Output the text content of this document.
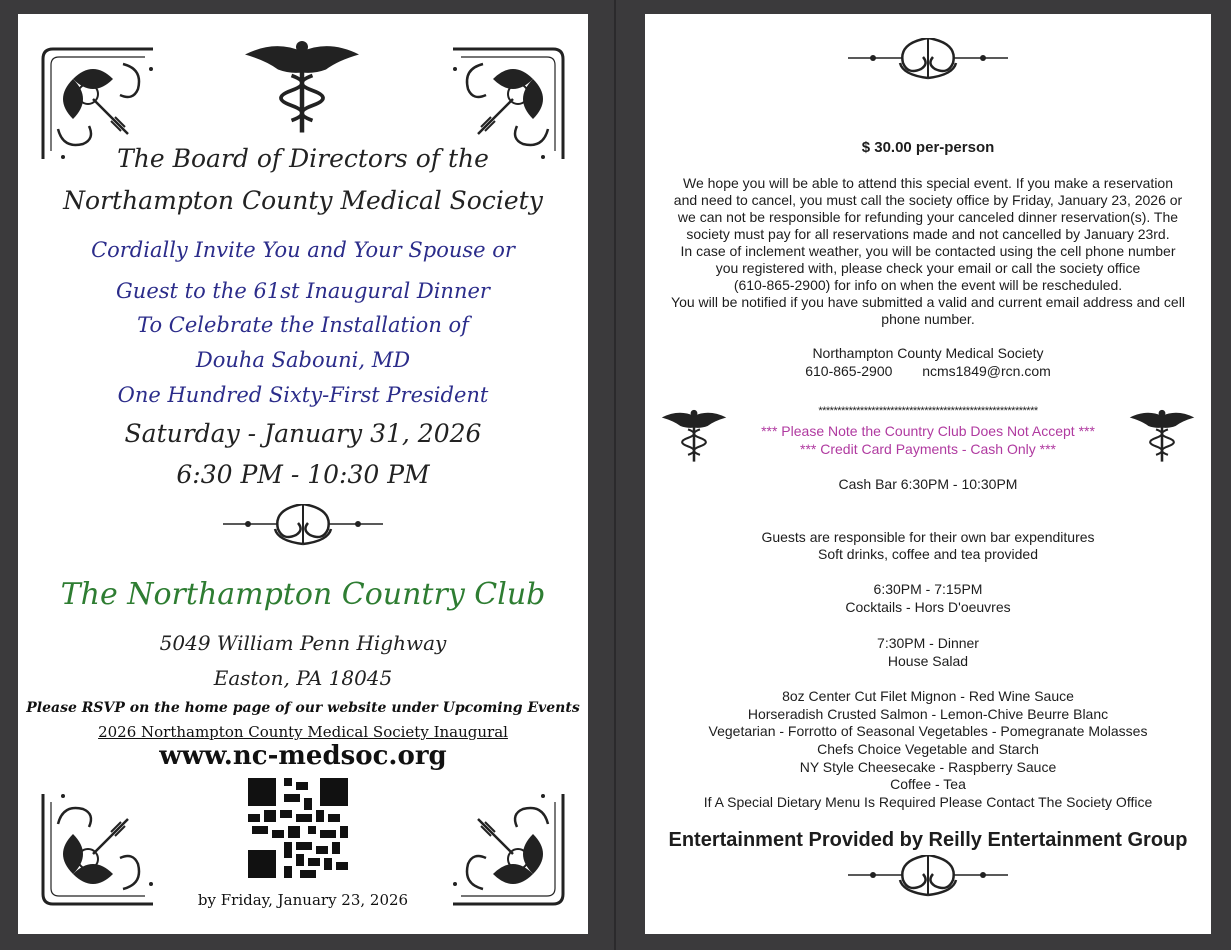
The Board of Directors of the
Northampton County Medical Society
Cordially Invite You and Your Spouse or
Guest to the 61st Inaugural Dinner
To Celebrate the Installation of
Douha Sabouni, MD
One Hundred Sixty-First President
Saturday - January 31, 2026
6:30 PM - 10:30 PM
The Northampton Country Club
5049 William Penn Highway
Easton, PA 18045
Please RSVP on the home page of our website under Upcoming Events
2026 Northampton County Medical Society Inaugural
www.nc-medsoc.org
by Friday, January 23, 2026
$ 30.00 per-person
We hope you will be able to attend this special event. If you make a reservation
and need to cancel, you must call the society office by Friday, January 23, 2026 or
we can not be responsible for refunding your canceled dinner reservation(s). The
society must pay for all reservations made and not cancelled by January 23rd.
In case of inclement weather, you will be contacted using the cell phone number
you registered with, please check your email or call the society office
(610-865-2900) for info on when the event will be rescheduled.
You will be notified if you have submitted a valid and current email address and cell
phone number.
Northampton County Medical Society
610-865-2900 ncms1849@rcn.com
**********************************************************
*** Please Note the Country Club Does Not Accept ***
*** Credit Card Payments - Cash Only ***
Cash Bar 6:30PM - 10:30PM
Guests are responsible for their own bar expenditures
Soft drinks, coffee and tea provided
6:30PM - 7:15PM
Cocktails - Hors D'oeuvres
7:30PM - Dinner
House Salad
8oz Center Cut Filet Mignon - Red Wine Sauce
Horseradish Crusted Salmon - Lemon-Chive Beurre Blanc
Vegetarian - Forrotto of Seasonal Vegetables - Pomegranate Molasses
Chefs Choice Vegetable and Starch
NY Style Cheesecake - Raspberry Sauce
Coffee - Tea
If A Special Dietary Menu Is Required Please Contact The Society Office
Entertainment Provided by Reilly Entertainment Group
